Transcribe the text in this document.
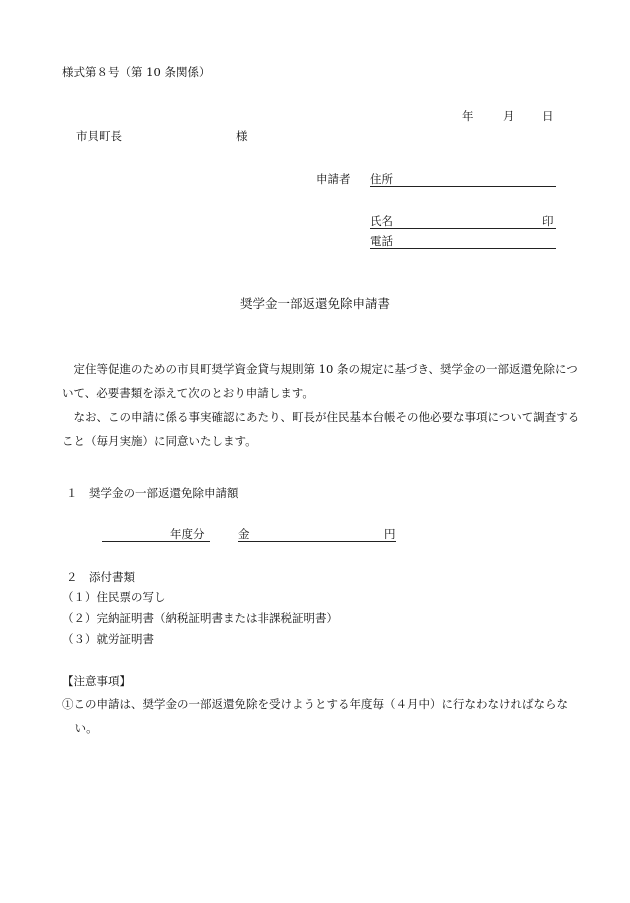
様式第８号（第 10 条関係）
年	月 日
市貝町長	様
申請者 住所
氏名	印
電話
奨学金一部返還免除申請書

定住等促進のための市貝町奨学資金貸与規則第 10 条の規定に基づき、奨学金の一部返還免除について、必要書類を添えて次のとおり申請します。

なお、この申請に係る事実確認にあたり、町長が住民基本台帳その他必要な事項について調査すること（毎月実施）に同意いたします。

１　奨学金の一部返還免除申請額
年度分	金	円
２　添付書類
（１）住民票の写し
（２）完納証明書（納税証明書または非課税証明書）
（３）就労証明書
【注意事項】
①この申請は、奨学金の一部返還免除を受けようとする年度毎（４月中）に行なわなければならない。
